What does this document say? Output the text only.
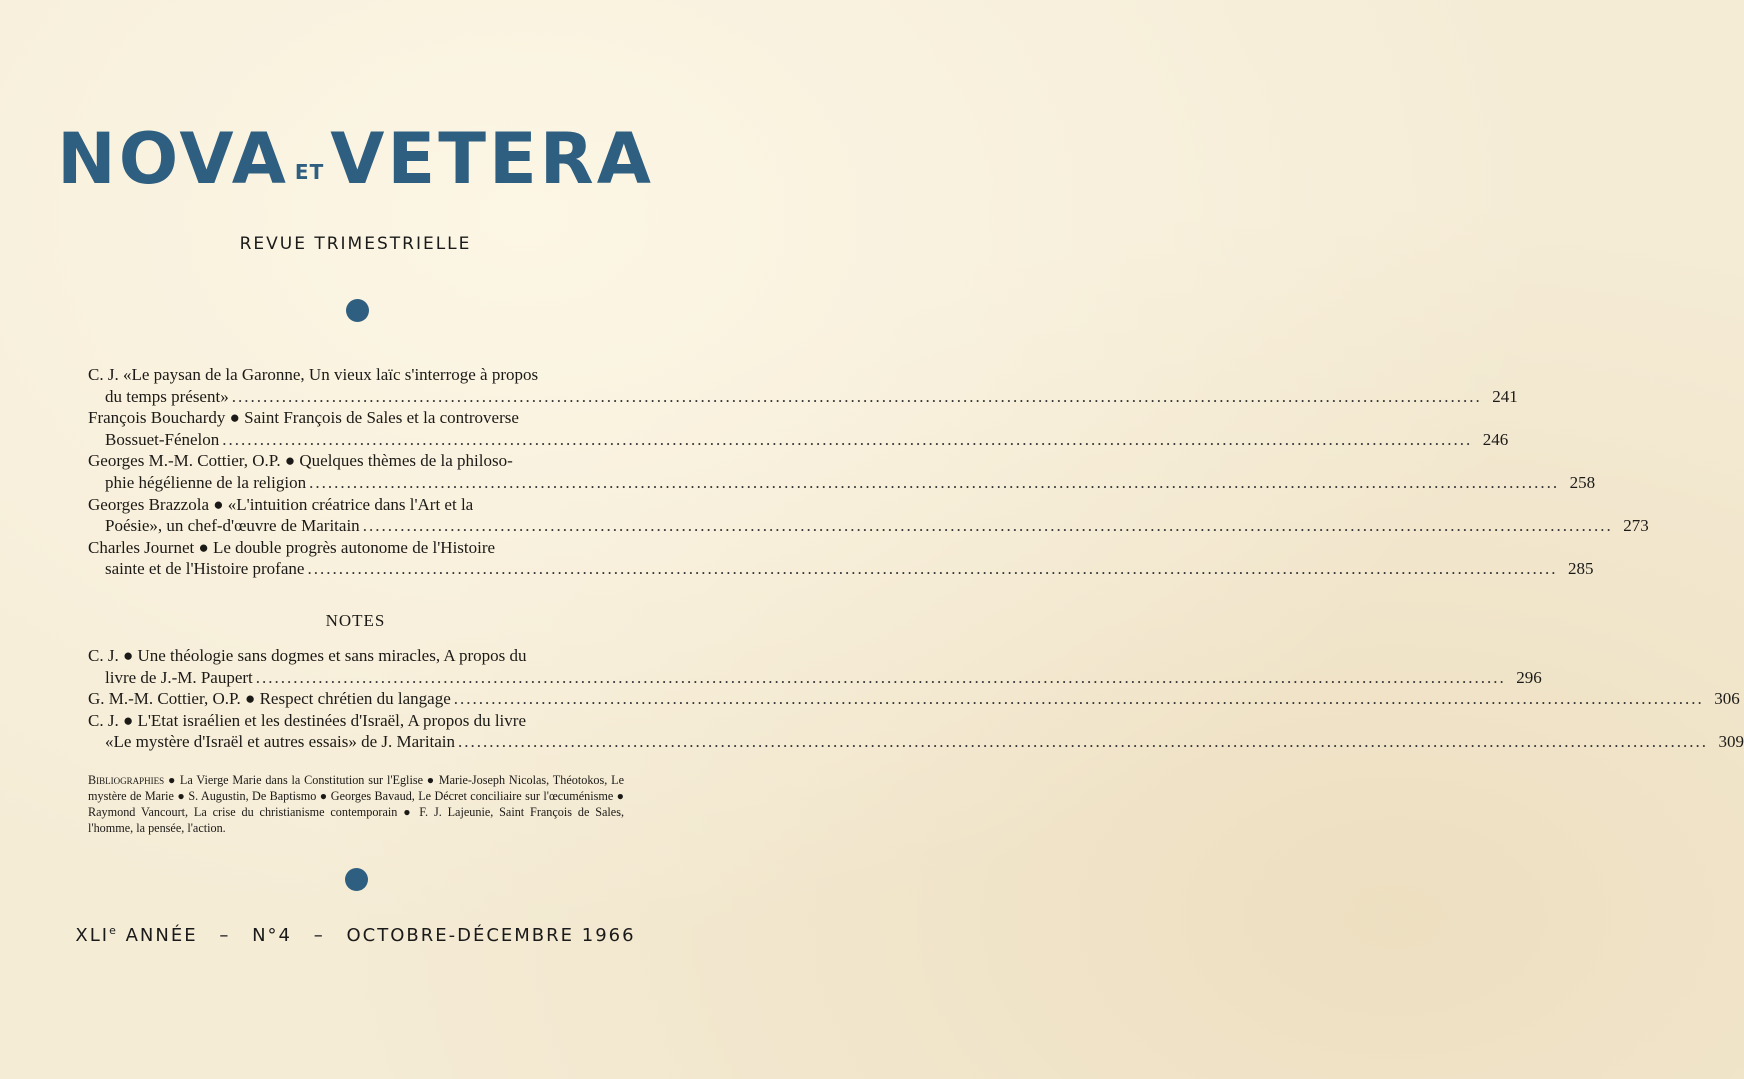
NOVA ETVETERA
REVUE TRIMESTRIELLE
C. J. «Le paysan de la Garonne, Un vieux laïc s'interroge à propos
du temps présent» ........................................................................................................................................................................................................ 241
François Bouchardy ● Saint François de Sales et la controverse
Bossuet-Fénelon ........................................................................................................................................................................................................ 246
Georges M.-M. Cottier, O.P. ● Quelques thèmes de la philoso-
phie hégélienne de la religion ........................................................................................................................................................................................................ 258
Georges Brazzola ● «L'intuition créatrice dans l'Art et la
Poésie», un chef-d'œuvre de Maritain ........................................................................................................................................................................................................ 273
Charles Journet ● Le double progrès autonome de l'Histoire
sainte et de l'Histoire profane ........................................................................................................................................................................................................ 285
NOTES
C. J. ● Une théologie sans dogmes et sans miracles, A propos du
livre de J.-M. Paupert ........................................................................................................................................................................................................ 296
G. M.-M. Cottier, O.P. ● Respect chrétien du langage ........................................................................................................................................................................................................ 306
C. J. ● L'Etat israélien et les destinées d'Israël, A propos du livre
«Le mystère d'Israël et autres essais» de J. Maritain ........................................................................................................................................................................................................ 309
Bibliographies ● La Vierge Marie dans la Constitution sur l'Eglise ● Marie-Joseph Nicolas, Théotokos, Le mystère de Marie ● S. Augustin, De Baptismo ● Georges Bavaud, Le Décret conciliaire sur l'œcuménisme ● Raymond Vancourt, La crise du christianisme contemporain ● F. J. Lajeunie, Saint François de Sales, l'homme, la pensée, l'action.
XLIe ANNÉE – N°4 – OCTOBRE-DÉCEMBRE 1966
